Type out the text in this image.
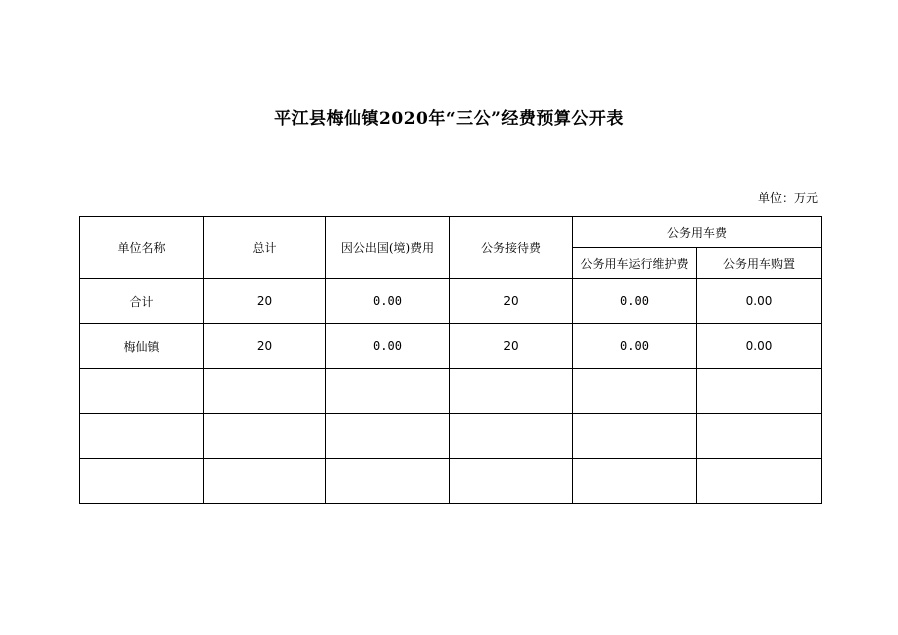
平江县梅仙镇2020年“三公”经费预算公开表
单位：万元
单位名称	总计	因公出国(境)费用	公务接待费	公务用车费	
				公务用车运行维护费	公务用车购置
合计	20	0.00	20	0.00	0.00
梅仙镇	20	0.00	20	0.00	0.00
